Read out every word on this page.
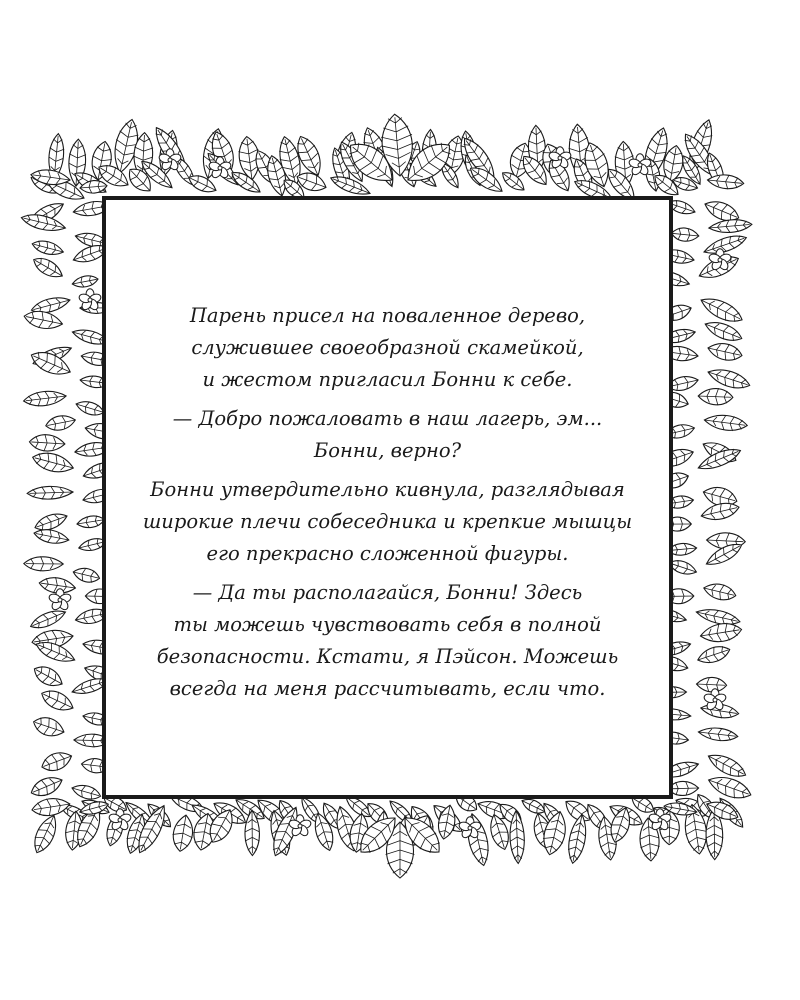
Парень присел на поваленное дерево,
служившее своеобразной скамейкой,
и жестом пригласил Бонни к себе.

— Добро пожаловать в наш лагерь, эм...
Бонни, верно?

Бонни утвердительно кивнула, разглядывая
широкие плечи собеседника и крепкие мышцы
его прекрасно сложенной фигуры.

— Да ты располагайся, Бонни! Здесь
ты можешь чувствовать себя в полной
безопасности. Кстати, я Пэйсон. Можешь
всегда на меня рассчитывать, если что.
